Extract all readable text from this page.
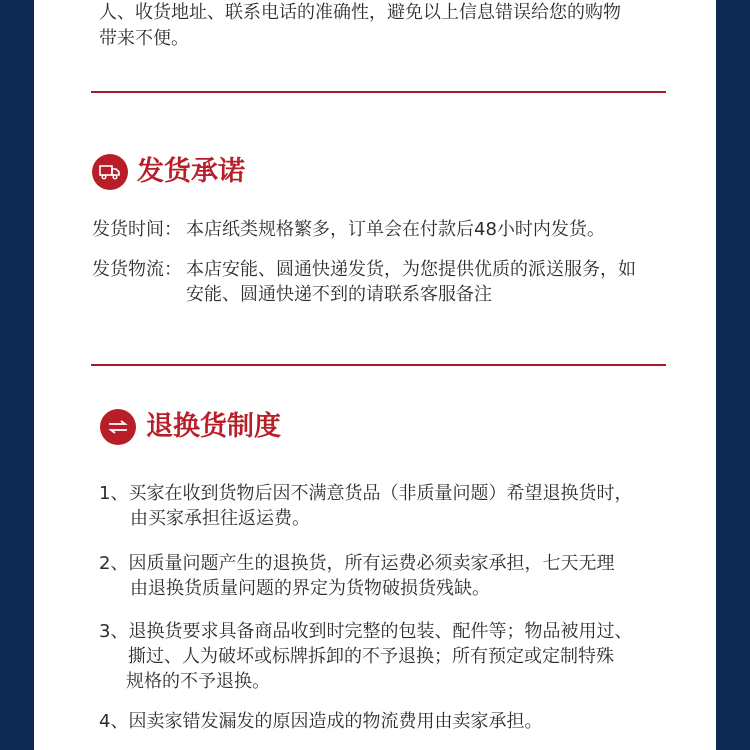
人、收货地址、联系电话的准确性，避免以上信息错误给您的购物
带来不便。
发货承诺
发货时间： 本店纸类规格繁多，订单会在付款后48小时内发货。
发货物流： 本店安能、圆通快递发货，为您提供优质的派送服务，如
安能、圆通快递不到的请联系客服备注
退换货制度
1、买家在收到货物后因不满意货品（非质量问题）希望退换货时，
由买家承担往返运费。
2、因质量问题产生的退换货，所有运费必须卖家承担，七天无理
由退换货质量问题的界定为货物破损货残缺。
3、退换货要求具备商品收到时完整的包装、配件等；物品被用过、
撕过、人为破坏或标牌拆卸的不予退换；所有预定或定制特殊
规格的不予退换。
4、因卖家错发漏发的原因造成的物流费用由卖家承担。
